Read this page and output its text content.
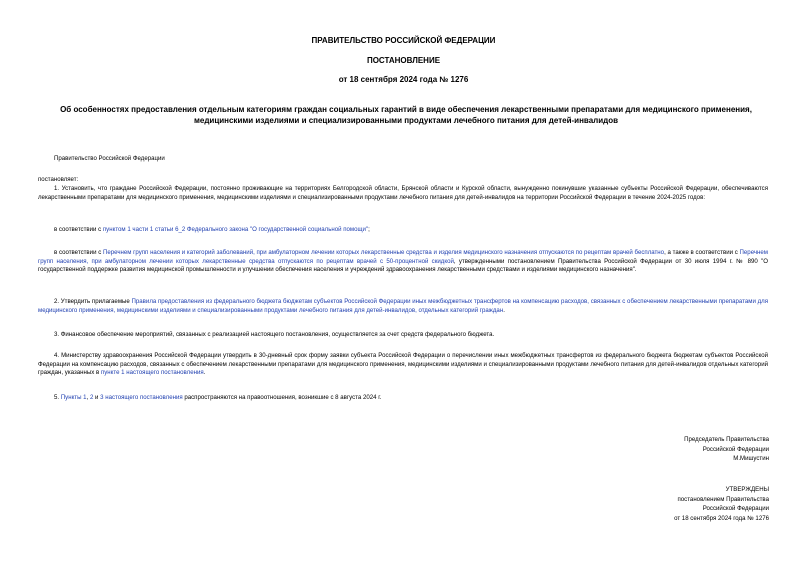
ПРАВИТЕЛЬСТВО РОССИЙСКОЙ ФЕДЕРАЦИИ
ПОСТАНОВЛЕНИЕ
от 18 сентября 2024 года № 1276
Об особенностях предоставления отдельным категориям граждан социальных гарантий в виде обеспечения лекарственными препаратами для медицинского применения, медицинскими изделиями и специализированными продуктами лечебного питания для детей-инвалидов

Правительство Российской Федерации

постановляет:

1. Установить, что граждане Российской Федерации, постоянно проживающие на территориях Белгородской области, Брянской области и Курской области, вынужденно покинувшие указанные субъекты Российской Федерации, обеспечиваются лекарственными препаратами для медицинского применения, медицинскими изделиями и специализированными продуктами лечебного питания для детей-инвалидов на территории Российской Федерации в течение 2024-2025 годов:

в соответствии с пунктом 1 части 1 статьи 6_2 Федерального закона "О государственной социальной помощи";

в соответствии с Перечнем групп населения и категорий заболеваний, при амбулаторном лечении которых лекарственные средства и изделия медицинского назначения отпускаются по рецептам врачей бесплатно, а также в соответствии с Перечнем групп населения, при амбулаторном лечении которых лекарственные средства отпускаются по рецептам врачей с 50-процентной скидкой, утвержденными постановлением Правительства Российской Федерации от 30 июля 1994 г. № 890 "О государственной поддержке развития медицинской промышленности и улучшении обеспечения населения и учреждений здравоохранения лекарственными средствами и изделиями медицинского назначения".

2. Утвердить прилагаемые Правила предоставления из федерального бюджета бюджетам субъектов Российской Федерации иных межбюджетных трансфертов на компенсацию расходов, связанных с обеспечением лекарственными препаратами для медицинского применения, медицинскими изделиями и специализированными продуктами лечебного питания для детей-инвалидов, отдельных категорий граждан.

3. Финансовое обеспечение мероприятий, связанных с реализацией настоящего постановления, осуществляется за счет средств федерального бюджета.

4. Министерству здравоохранения Российской Федерации утвердить в 30-дневный срок форму заявки субъекта Российской Федерации о перечислении иных межбюджетных трансфертов из федерального бюджета бюджетам субъектов Российской Федерации на компенсацию расходов, связанных с обеспечением лекарственными препаратами для медицинского применения, медицинскими изделиями и специализированными продуктами лечебного питания для детей-инвалидов отдельных категорий граждан, указанных в пункте 1 настоящего постановления.

5. Пункты 1, 2 и 3 настоящего постановления распространяются на правоотношения, возникшие с 8 августа 2024 г.

Председатель Правительства
Российской Федерации
М.Мишустин
УТВЕРЖДЕНЫ
постановлением Правительства
Российской Федерации
от 18 сентября 2024 года № 1276
